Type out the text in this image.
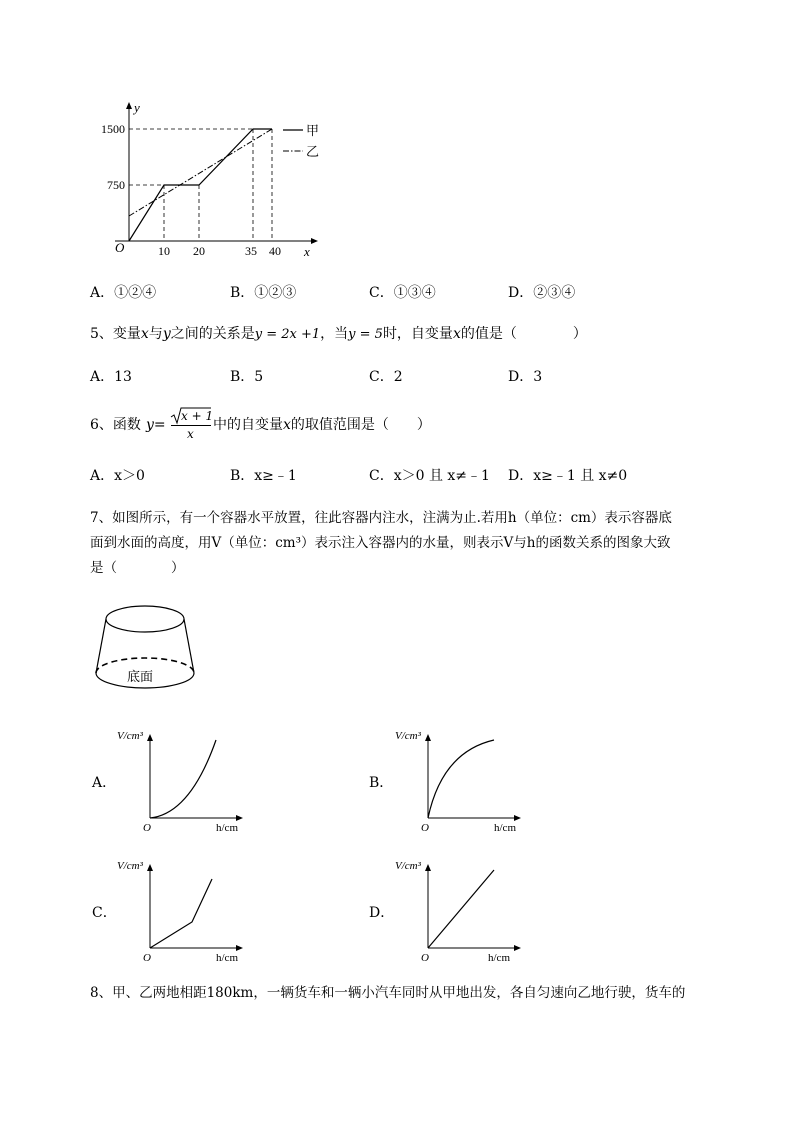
y
x
O
1500
750
10 20	35 40
甲
乙
A．①②④	B．①②③	C．①③④	D．②③④
5、变量x与y之间的关系是y = 2x +1，当y = 5时，自变量x的值是（　　　　）
A．13	B．5	C．2	D．3
6、函数 y=
x + 1
x
中的自变量x的取值范围是（　　）
A．x＞0	B．x≥﹣1	C．x＞0 且 x≠﹣1 D．x≥﹣1 且 x≠0
7、如图所示，有一个容器水平放置，往此容器内注水，注满为止.若用h（单位：cm）表示容器底
面到水面的高度，用V（单位：cm³）表示注入容器内的水量，则表示V与h的函数关系的图象大致
是（　　　　）
底面
A．
V/cm³
h/cm
O
B．
V/cm³
h/cm
O
C．
V/cm³
h/cm
O
D．
V/cm³
h/cm
O
8、甲、乙两地相距180km，一辆货车和一辆小汽车同时从甲地出发，各自匀速向乙地行驶，货车的
